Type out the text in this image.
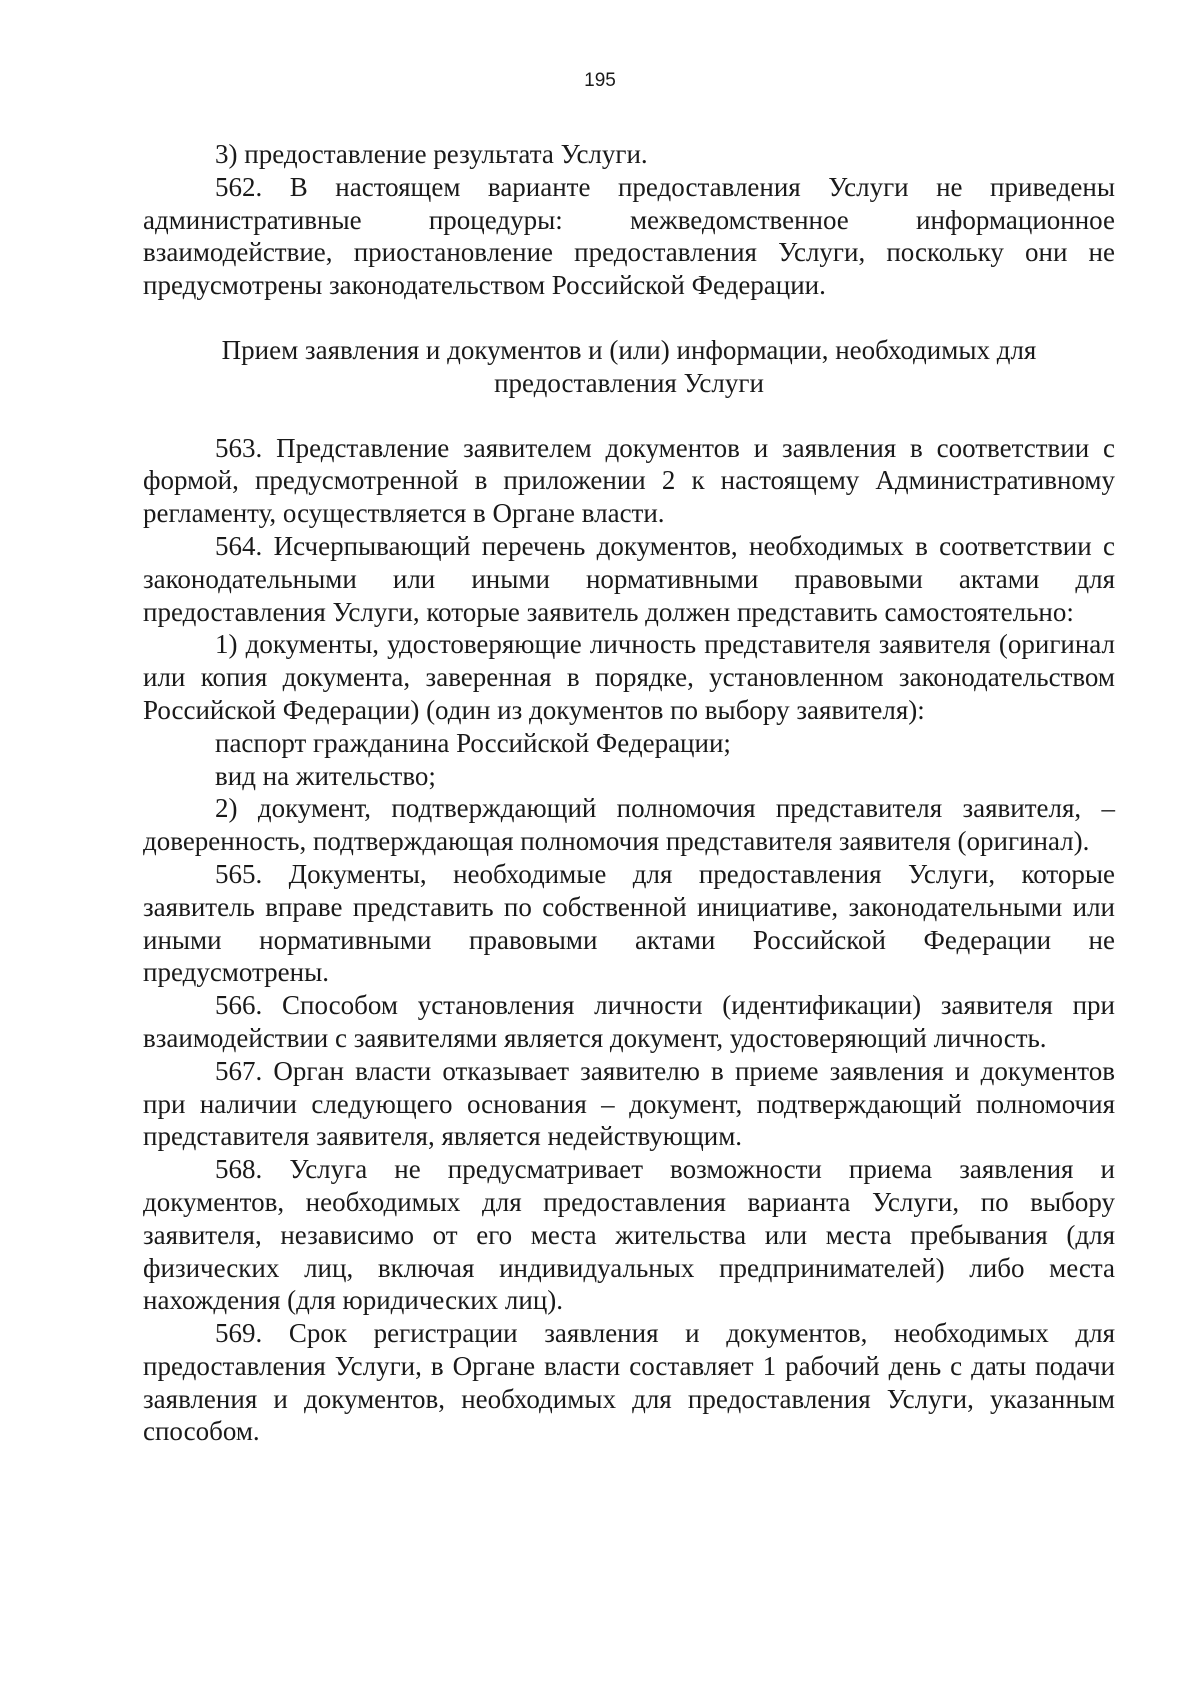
195

3) предоставление результата Услуги.

562. В настоящем варианте предоставления Услуги не приведены административные процедуры: межведомственное информационное взаимодействие, приостановление предоставления Услуги, поскольку они не предусмотрены законодательством Российской Федерации.

Прием заявления и документов и (или) информации, необходимых для предоставления Услуги

563. Представление заявителем документов и заявления в соответствии с формой, предусмотренной в приложении 2 к настоящему Административному регламенту, осуществляется в Органе власти.

564. Исчерпывающий перечень документов, необходимых в соответствии с законодательными или иными нормативными правовыми актами для предоставления Услуги, которые заявитель должен представить самостоятельно:

1) документы, удостоверяющие личность представителя заявителя (оригинал или копия документа, заверенная в порядке, установленном законодательством Российской Федерации) (один из документов по выбору заявителя):

паспорт гражданина Российской Федерации;

вид на жительство;

2) документ, подтверждающий полномочия представителя заявителя, – доверенность, подтверждающая полномочия представителя заявителя (оригинал).

565. Документы, необходимые для предоставления Услуги, которые заявитель вправе представить по собственной инициативе, законодательными или иными нормативными правовыми актами Российской Федерации не предусмотрены.

566. Способом установления личности (идентификации) заявителя при взаимодействии с заявителями является документ, удостоверяющий личность.

567. Орган власти отказывает заявителю в приеме заявления и документов при наличии следующего основания – документ, подтверждающий полномочия представителя заявителя, является недействующим.

568. Услуга не предусматривает возможности приема заявления и документов, необходимых для предоставления варианта Услуги, по выбору заявителя, независимо от его места жительства или места пребывания (для физических лиц, включая индивидуальных предпринимателей) либо места нахождения (для юридических лиц).

569. Срок регистрации заявления и документов, необходимых для предоставления Услуги, в Органе власти составляет 1 рабочий день с даты подачи заявления и документов, необходимых для предоставления Услуги, указанным способом.
